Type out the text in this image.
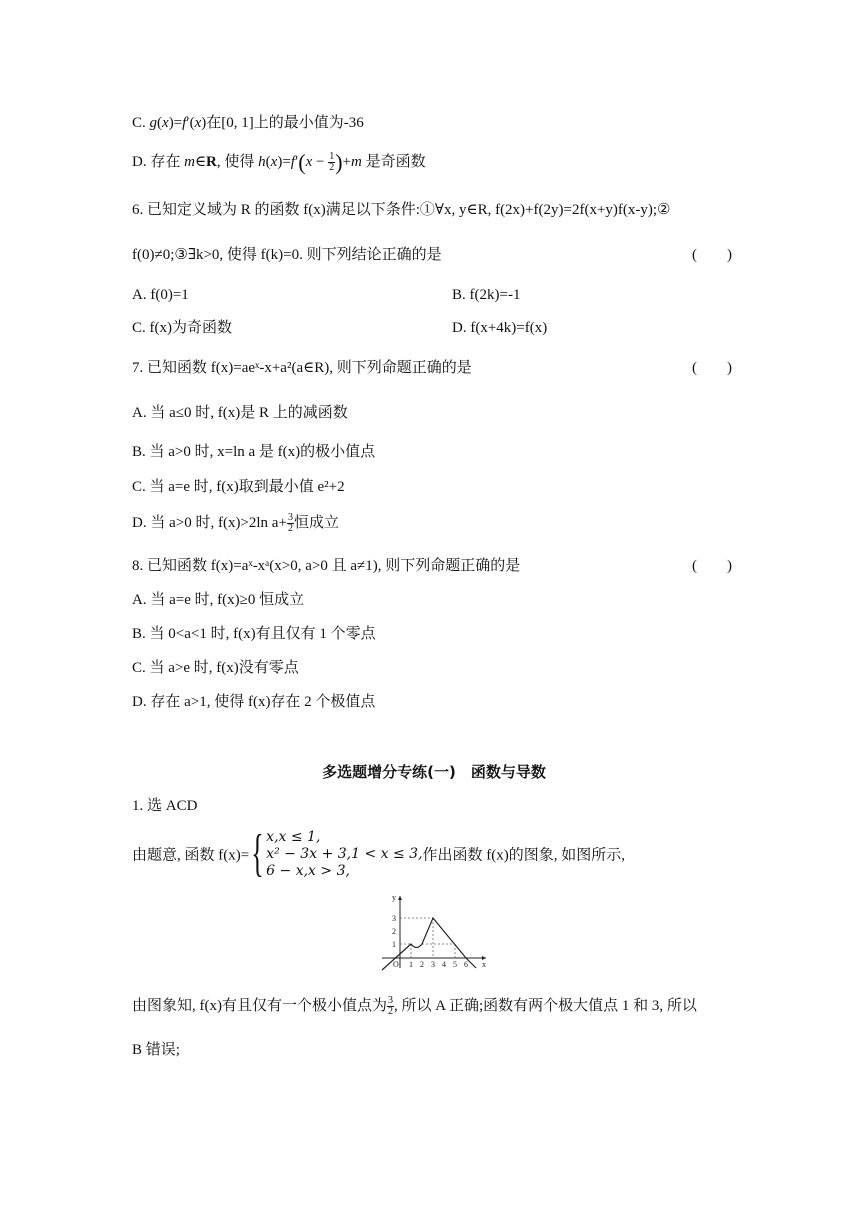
C. g(x)=f′(x)在[0, 1]上的最小值为-36
D. 存在 m∈R, 使得 $h(x)=f'(x - \frac{1}{2} )+m$ 是奇函数
6. 已知定义域为 R 的函数 f(x)满足以下条件:①∀x, y∈R, f(2x)+f(2y)=2f(x+y)f(x-y);②
f(0)≠0;③∃k>0, 使得 f(k)=0. 则下列结论正确的是	(　　)
A. f(0)=1	B. f(2k)=-1
C. f(x)为奇函数	D. f(x+4k)=f(x)
7. 已知函数 f(x)=aeˣ-x+a²(a∈R), 则下列命题正确的是	(　　)
A. 当 a≤0 时, f(x)是 R 上的减函数
B. 当 a>0 时, x=ln a 是 f(x)的极小值点
C. 当 a=e 时, f(x)取到最小值 e²+2
D. 当 a>0 时, f(x)>2ln $a+ \frac{3}{2}$ 恒成立
8. 已知函数 f(x)=aˣ-xᵃ(x>0, a>0 且 a≠1), 则下列命题正确的是	(　　)
A. 当 a=e 时, f(x)≥0 恒成立
B. 当 0<a<1 时, f(x)有且仅有 1 个零点
C. 当 a>e 时, f(x)没有零点
D. 存在 a>1, 使得 f(x)存在 2 个极值点
多选题增分专练(一)　函数与导数
1. 选 ACD
由题意, 函数 f(x)={ x,x ≤ 1,
x² − 3x + 3,1 < x ≤ 3,
6 − x,x > 3,
作出函数 f(x)的图象, 如图所示,
y
x
O
1
2
3
1 2 3 4 5 6
由图象知, f(x)有且仅有一个极小值点为 $\frac{3}{2}$ , 所以 A 正确;函数有两个极大值点 1 和 3, 所以
B 错误;
